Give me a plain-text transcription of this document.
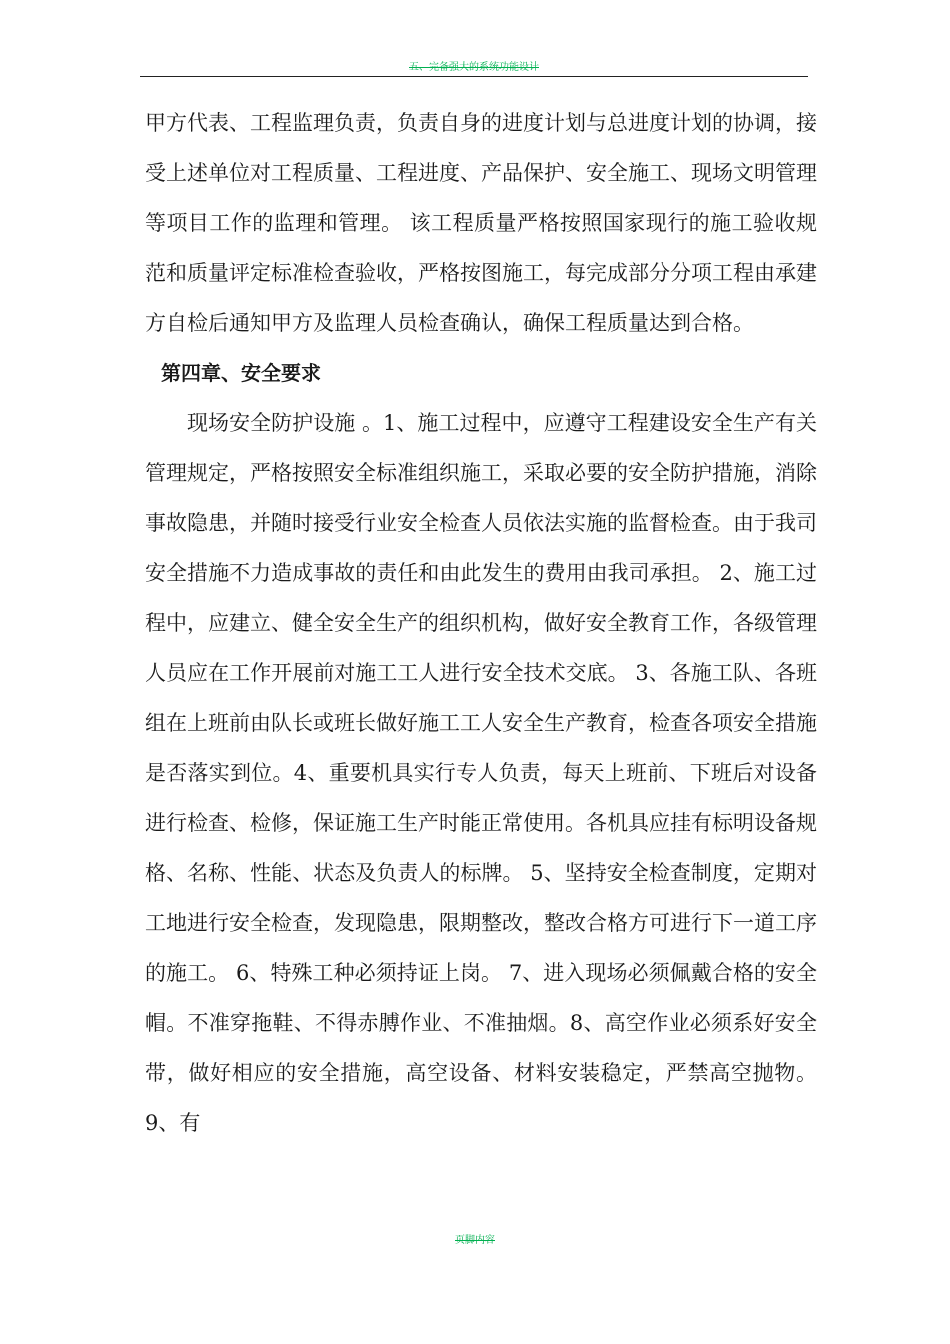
五、完备强大的系统功能设计

甲方代表、工程监理负责，负责自身的进度计划与总进度计划的协调，接受上述单位对工程质量、工程进度、产品保护、安全施工、现场文明管理等项目工作的监理和管理。 该工程质量严格按照国家现行的施工验收规范和质量评定标准检查验收，严格按图施工，每完成部分分项工程由承建方自检后通知甲方及监理人员检查确认，确保工程质量达到合格。

第四章、安全要求

现场安全防护设施 。1、施工过程中，应遵守工程建设安全生产有关管理规定，严格按照安全标准组织施工，采取必要的安全防护措施，消除事故隐患，并随时接受行业安全检查人员依法实施的监督检查。由于我司安全措施不力造成事故的责任和由此发生的费用由我司承担。 2、施工过程中，应建立、健全安全生产的组织机构，做好安全教育工作，各级管理人员应在工作开展前对施工工人进行安全技术交底。 3、各施工队、各班组在上班前由队长或班长做好施工工人安全生产教育，检查各项安全措施是否落实到位。4、重要机具实行专人负责，每天上班前、下班后对设备进行检查、检修，保证施工生产时能正常使用。各机具应挂有标明设备规格、名称、性能、状态及负责人的标牌。 5、坚持安全检查制度，定期对工地进行安全检查，发现隐患，限期整改，整改合格方可进行下一道工序的施工。 6、特殊工种必须持证上岗。 7、进入现场必须佩戴合格的安全帽。不准穿拖鞋、不得赤膊作业、不准抽烟。8、高空作业必须系好安全带，做好相应的安全措施，高空设备、材料安装稳定，严禁高空抛物。 9、有

页脚内容
